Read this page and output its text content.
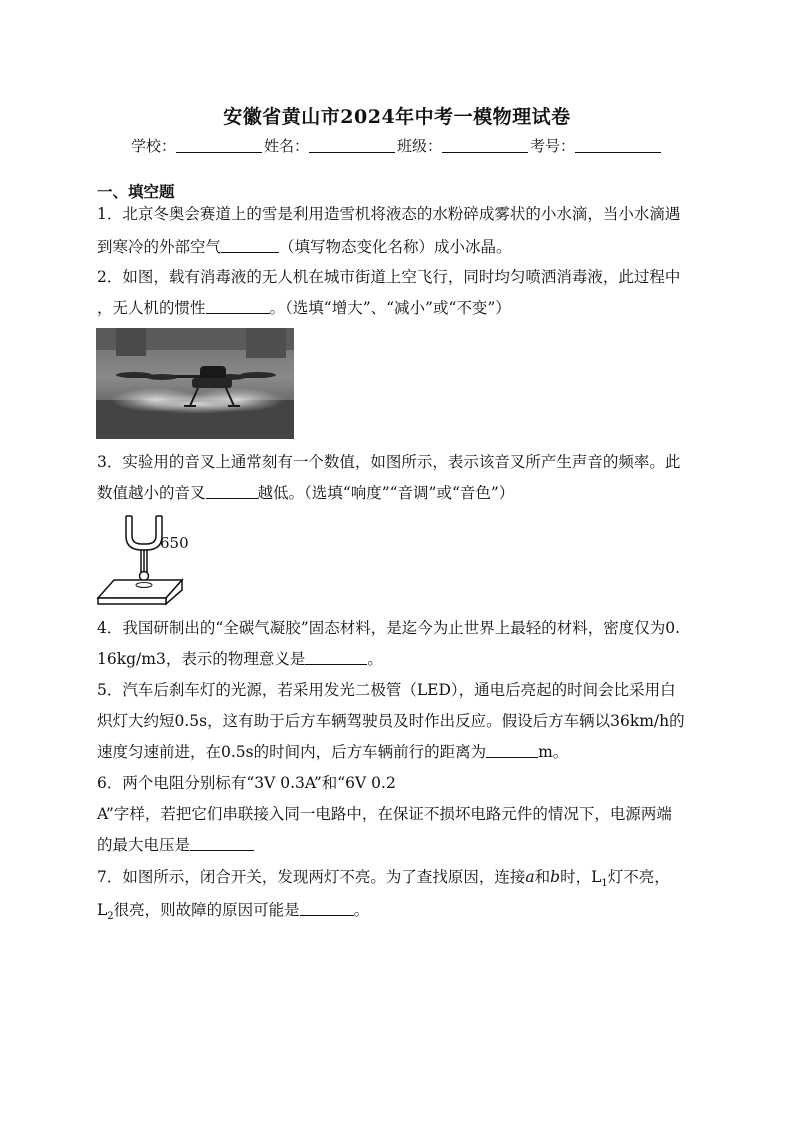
安徽省黄山市2024年中考一模物理试卷
学校：	姓名：	班级：	考号：
一、填空题
1．北京冬奥会赛道上的雪是利用造雪机将液态的水粉碎成雾状的小水滴，当小水滴遇
到寒冷的外部空气	（填写物态变化名称）成小冰晶。
2．如图，载有消毒液的无人机在城市街道上空飞行，同时均匀喷洒消毒液，此过程中
，无人机的惯性	。（选填“增大”、“减小”或“不变”）
3．实验用的音叉上通常刻有一个数值，如图所示，表示该音叉所产生声音的频率。此
数值越小的音叉	越低。（选填“响度”“音调”或“音色”）
650
4．我国研制出的“全碳气凝胶”固态材料，是迄今为止世界上最轻的材料，密度仅为0.
16kg/m3，表示的物理意义是	。
5．汽车后刹车灯的光源，若采用发光二极管（LED），通电后亮起的时间会比采用白
炽灯大约短0.5s，这有助于后方车辆驾驶员及时作出反应。假设后方车辆以36km/h的
速度匀速前进，在0.5s的时间内，后方车辆前行的距离为	m。
6．两个电阻分别标有“3V 0.3A”和“6V 0.2
A”字样，若把它们串联接入同一电路中，在保证不损坏电路元件的情况下，电源两端
的最大电压是
7．如图所示，闭合开关，发现两灯不亮。为了查找原因，连接a和b时，$L_1$灯不亮，
$L_2$很亮，则故障的原因可能是	。
